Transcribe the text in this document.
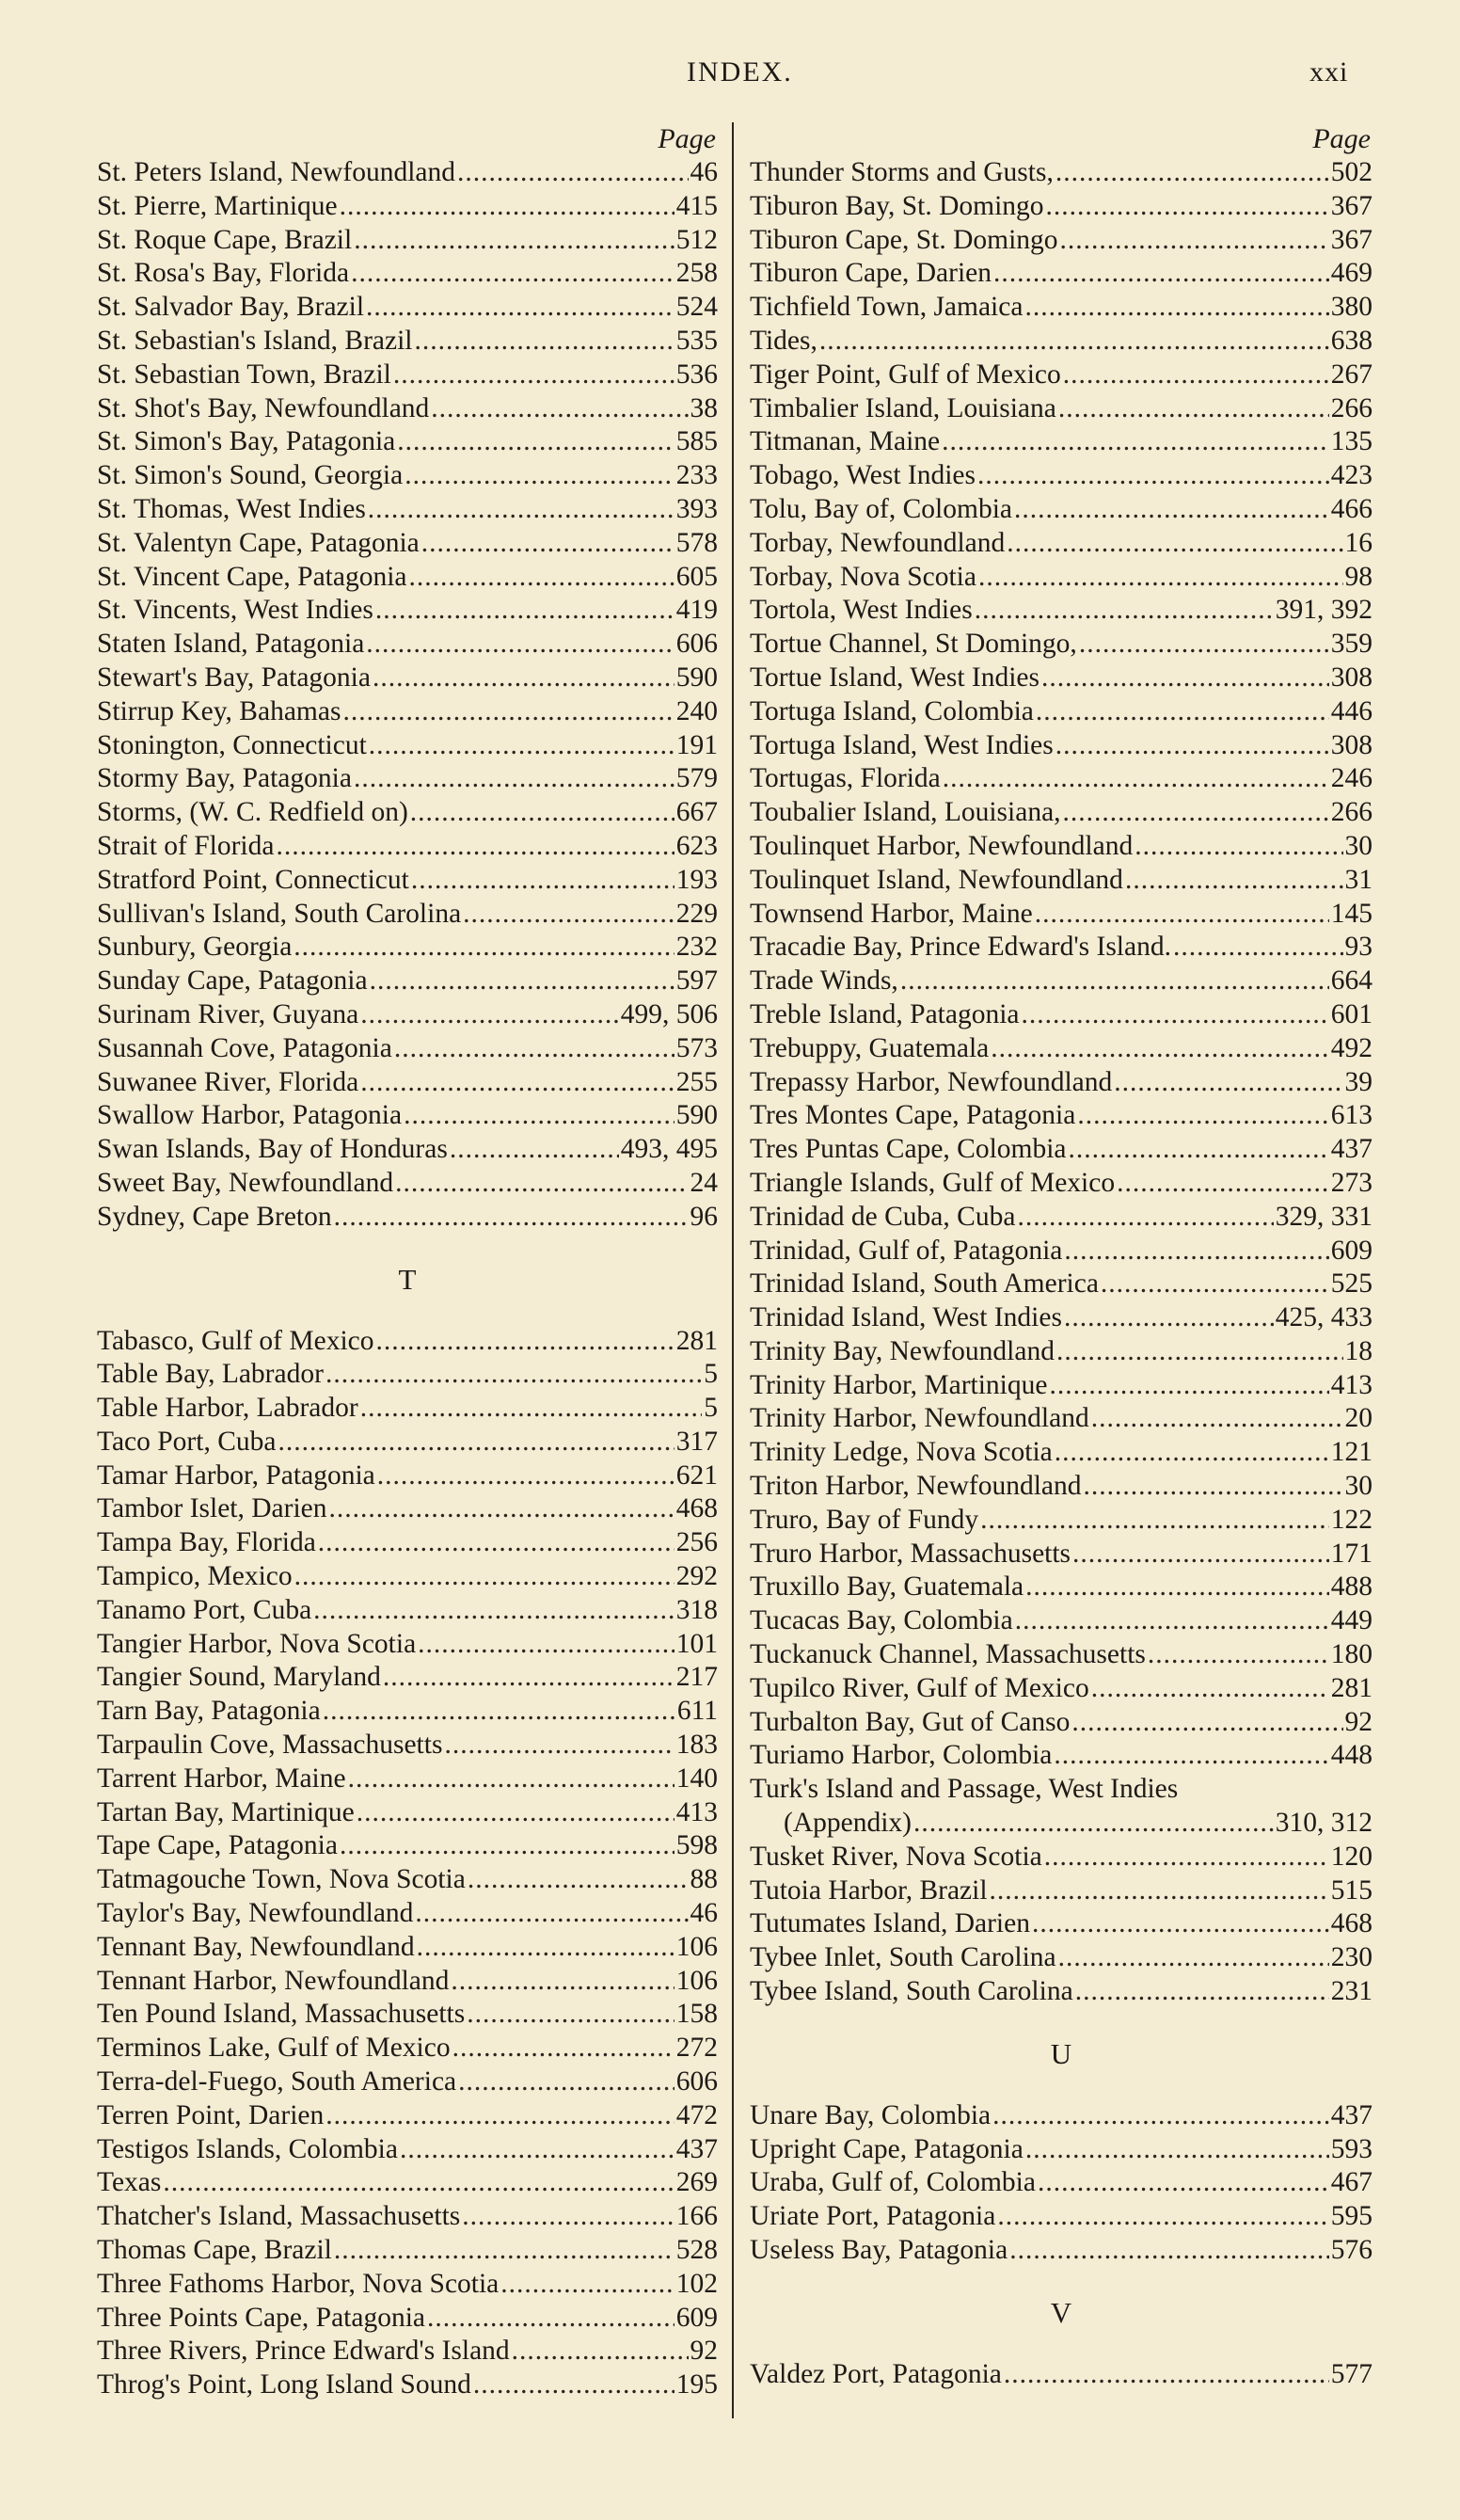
INDEX.	xxi
Page
St. Peters Island, Newfoundland .....	46
St. Pierre, Martinique .....	415
St. Roque Cape, Brazil .....	512
St. Rosa's Bay, Florida .....	258
St. Salvador Bay, Brazil .....	524
St. Sebastian's Island, Brazil .....	535
St. Sebastian Town, Brazil .....	536
St. Shot's Bay, Newfoundland .....	38
St. Simon's Bay, Patagonia .....	585
St. Simon's Sound, Georgia .....	233
St. Thomas, West Indies .....	393
St. Valentyn Cape, Patagonia .....	578
St. Vincent Cape, Patagonia .....	605
St. Vincents, West Indies .....	419
Staten Island, Patagonia .....	606
Stewart's Bay, Patagonia .....	590
Stirrup Key, Bahamas .....	240
Stonington, Connecticut .....	191
Stormy Bay, Patagonia .....	579
Storms, (W. C. Redfield on) .....	667
Strait of Florida .....	623
Stratford Point, Connecticut .....	193
Sullivan's Island, South Carolina .....	229
Sunbury, Georgia .....	232
Sunday Cape, Patagonia .....	597
Surinam River, Guyana .....	499, 506
Susannah Cove, Patagonia .....	573
Suwanee River, Florida .....	255
Swallow Harbor, Patagonia .....	590
Swan Islands, Bay of Honduras .....	493, 495
Sweet Bay, Newfoundland .....	24
Sydney, Cape Breton .....	96
T
Tabasco, Gulf of Mexico .....	281
Table Bay, Labrador .....	5
Table Harbor, Labrador .....	5
Taco Port, Cuba .....	317
Tamar Harbor, Patagonia .....	621
Tambor Islet, Darien .....	468
Tampa Bay, Florida .....	256
Tampico, Mexico .....	292
Tanamo Port, Cuba .....	318
Tangier Harbor, Nova Scotia .....	101
Tangier Sound, Maryland .....	217
Tarn Bay, Patagonia .....	611
Tarpaulin Cove, Massachusetts .....	183
Tarrent Harbor, Maine .....	140
Tartan Bay, Martinique .....	413
Tape Cape, Patagonia .....	598
Tatmagouche Town, Nova Scotia .....	88
Taylor's Bay, Newfoundland .....	46
Tennant Bay, Newfoundland .....	106
Tennant Harbor, Newfoundland .....	106
Ten Pound Island, Massachusetts .....	158
Terminos Lake, Gulf of Mexico .....	272
Terra-del-Fuego, South America .....	606
Terren Point, Darien .....	472
Testigos Islands, Colombia .....	437
Texas .....	269
Thatcher's Island, Massachusetts .....	166
Thomas Cape, Brazil .....	528
Three Fathoms Harbor, Nova Scotia .....	102
Three Points Cape, Patagonia .....	609
Three Rivers, Prince Edward's Island .....	92
Throg's Point, Long Island Sound .....	195
Page
Thunder Storms and Gusts, .....	502
Tiburon Bay, St. Domingo .....	367
Tiburon Cape, St. Domingo .....	367
Tiburon Cape, Darien .....	469
Tichfield Town, Jamaica .....	380
Tides, .....	638
Tiger Point, Gulf of Mexico .....	267
Timbalier Island, Louisiana .....	266
Titmanan, Maine .....	135
Tobago, West Indies .....	423
Tolu, Bay of, Colombia .....	466
Torbay, Newfoundland .....	16
Torbay, Nova Scotia .....	98
Tortola, West Indies .....	391, 392
Tortue Channel, St Domingo, .....	359
Tortue Island, West Indies .....	308
Tortuga Island, Colombia .....	446
Tortuga Island, West Indies .....	308
Tortugas, Florida .....	246
Toubalier Island, Louisiana, .....	266
Toulinquet Harbor, Newfoundland .....	30
Toulinquet Island, Newfoundland .....	31
Townsend Harbor, Maine .....	145
Tracadie Bay, Prince Edward's Island. .....	93
Trade Winds, .....	664
Treble Island, Patagonia .....	601
Trebuppy, Guatemala .....	492
Trepassy Harbor, Newfoundland .....	39
Tres Montes Cape, Patagonia .....	613
Tres Puntas Cape, Colombia .....	437
Triangle Islands, Gulf of Mexico .....	273
Trinidad de Cuba, Cuba .....	329, 331
Trinidad, Gulf of, Patagonia .....	609
Trinidad Island, South America .....	525
Trinidad Island, West Indies .....	425, 433
Trinity Bay, Newfoundland .....	18
Trinity Harbor, Martinique .....	413
Trinity Harbor, Newfoundland .....	20
Trinity Ledge, Nova Scotia .....	121
Triton Harbor, Newfoundland .....	30
Truro, Bay of Fundy .....	122
Truro Harbor, Massachusetts .....	171
Truxillo Bay, Guatemala .....	488
Tucacas Bay, Colombia .....	449
Tuckanuck Channel, Massachusetts .....	180
Tupilco River, Gulf of Mexico .....	281
Turbalton Bay, Gut of Canso .....	92
Turiamo Harbor, Colombia .....	448
Turk's Island and Passage, West Indies
(Appendix) .....	310, 312
Tusket River, Nova Scotia .....	120
Tutoia Harbor, Brazil .....	515
Tutumates Island, Darien .....	468
Tybee Inlet, South Carolina .....	230
Tybee Island, South Carolina .....	231
U
Unare Bay, Colombia .....	437
Upright Cape, Patagonia .....	593
Uraba, Gulf of, Colombia .....	467
Uriate Port, Patagonia .....	595
Useless Bay, Patagonia .....	576
V
Valdez Port, Patagonia .....	577
